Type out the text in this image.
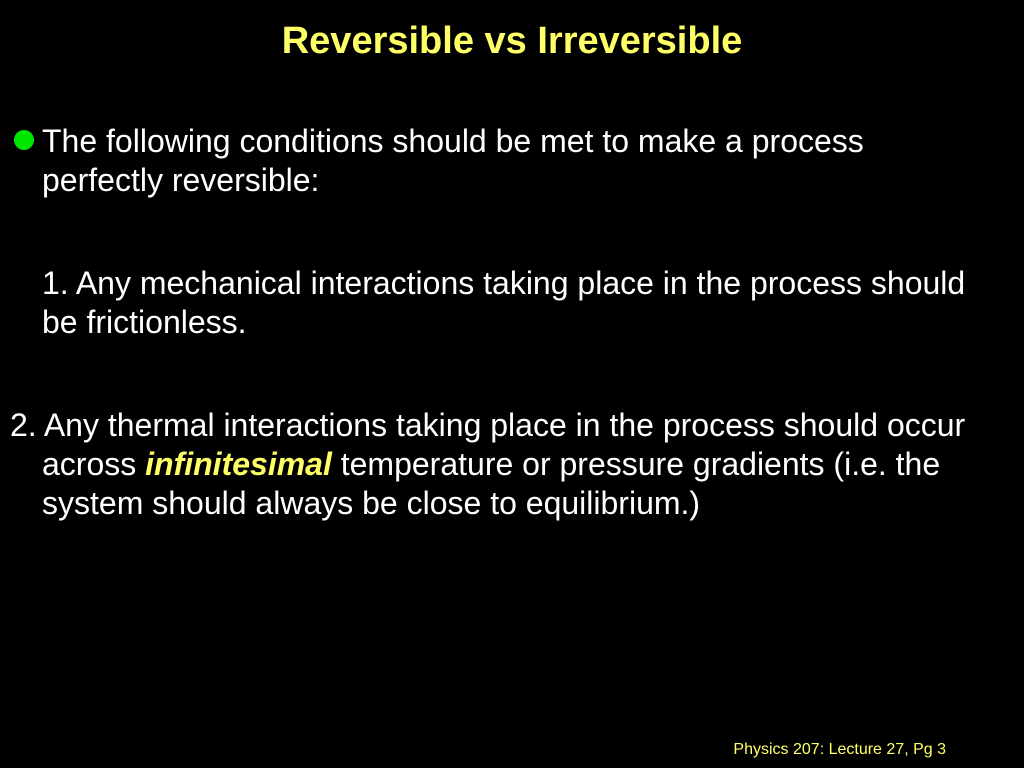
Reversible vs Irreversible

The following conditions should be met to make a process perfectly reversible:

1. Any mechanical interactions taking place in the process should be frictionless.

2. Any thermal interactions taking place in the process should occur across infinitesimal temperature or pressure gradients (i.e. the system should always be close to equilibrium.)

Physics 207: Lecture 27, Pg 3
